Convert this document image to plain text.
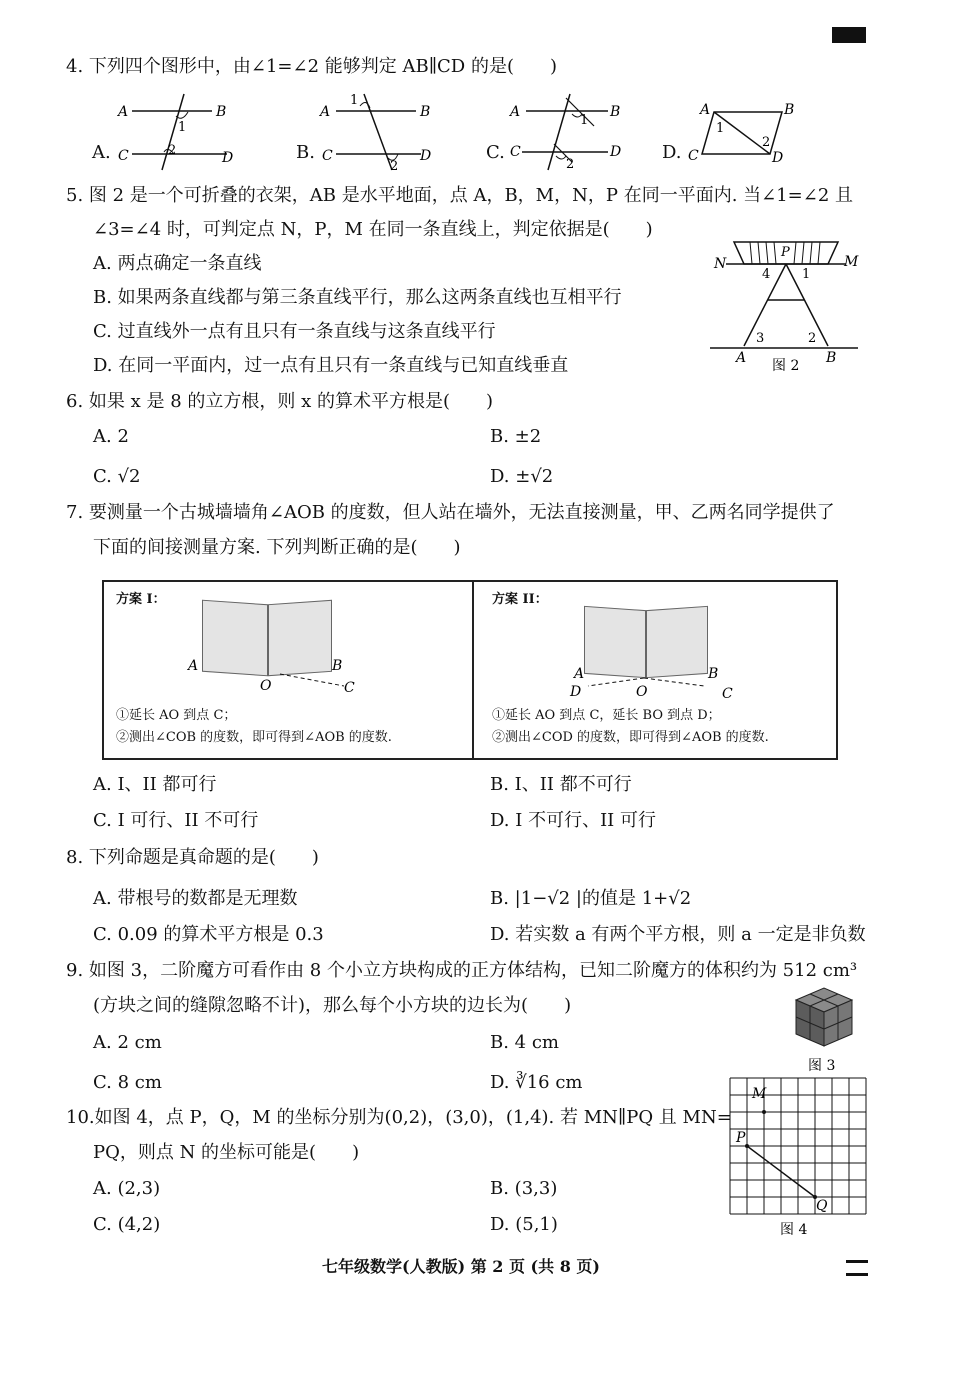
4. 下列四个图形中，由∠1=∠2 能够判定 AB∥CD 的是(　　)
A	B
C	D
1
2
A.
A	B
C	D
1
2
B.
A	B
C	D
1
2
C.
A	B
C	D
1
2
D.
5. 图 2 是一个可折叠的衣架，AB 是水平地面，点 A，B，M，N，P 在同一平面内. 当∠1=∠2 且
∠3=∠4 时，可判定点 N，P，M 在同一条直线上，判定依据是(　　)
A. 两点确定一条直线
B. 如果两条直线都与第三条直线平行，那么这两条直线也互相平行
C. 过直线外一点有且只有一条直线与这条直线平行
D. 在同一平面内，过一点有且只有一条直线与已知直线垂直
N
P
M
4 1
3	2
A	B
图 2
6. 如果 x 是 8 的立方根，则 x 的算术平方根是(　　)
A. 2	B. ±2
C. √2	D. ±√2
7. 要测量一个古城墙墙角∠AOB 的度数，但人站在墙外，无法直接测量，甲、乙两名同学提供了
下面的间接测量方案. 下列判断正确的是(　　)
方案 I：
A	B
O	C
①延长 AO 到点 C；
②测出∠COB 的度数，即可得到∠AOB 的度数.
方案 II：
A	B
D	O	C
①延长 AO 到点 C，延长 BO 到点 D；
②测出∠COD 的度数，即可得到∠AOB 的度数.
A. I、II 都可行	B. I、II 都不可行
C. I 可行、II 不可行	D. I 不可行、II 可行
8. 下列命题是真命题的是(　　)
A. 带根号的数都是无理数	B. |1−√2 |的值是 1+√2
C. 0.09 的算术平方根是 0.3	D. 若实数 a 有两个平方根，则 a 一定是非负数
9. 如图 3，二阶魔方可看作由 8 个小立方块构成的正方体结构，已知二阶魔方的体积约为 512 cm³
(方块之间的缝隙忽略不计)，那么每个小方块的边长为(　　)
A. 2 cm	B. 4 cm
C. 8 cm	D. ∛16 cm
图 3
10.如图 4，点 P，Q，M 的坐标分别为(0,2)，(3,0)，(1,4). 若 MN∥PQ 且 MN=
PQ，则点 N 的坐标可能是(　　)
A. (2,3)	B. (3,3)
C. (4,2)	D. (5,1)
M
P
Q
图 4
七年级数学(人教版) 第 2 页 (共 8 页)
